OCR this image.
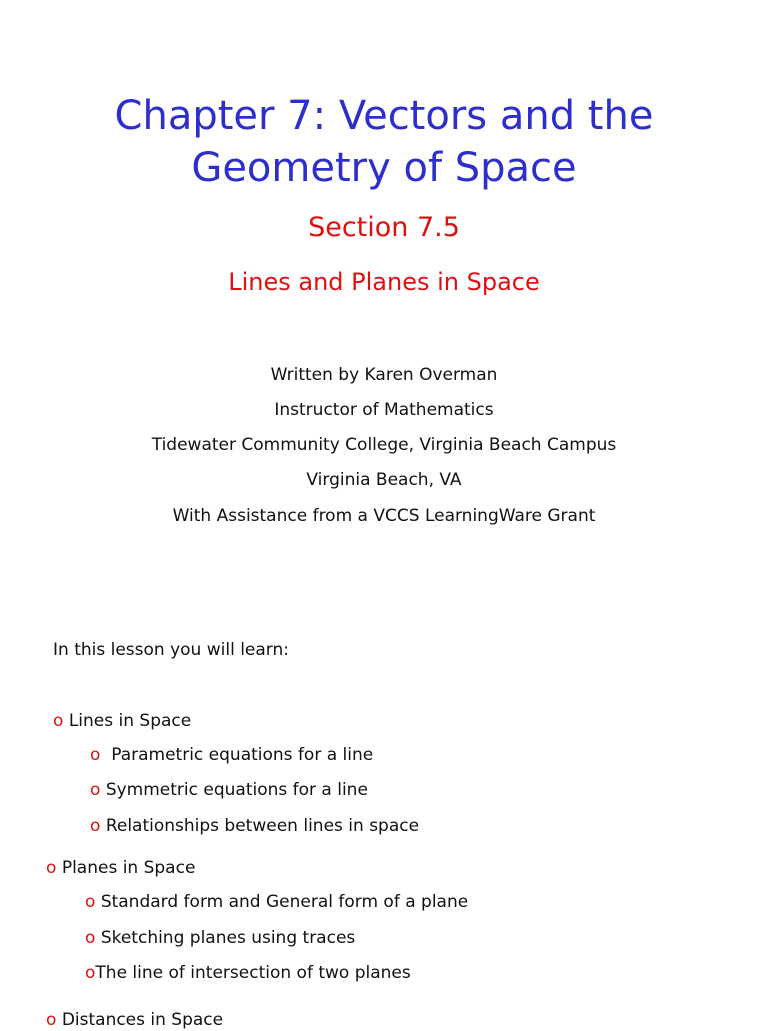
Chapter 7: Vectors and the
Geometry of Space
Section 7.5
Lines and Planes in Space
Written by Karen Overman
Instructor of Mathematics
Tidewater Community College, Virginia Beach Campus
Virginia Beach, VA
With Assistance from a VCCS LearningWare Grant
In this lesson you will learn:
o Lines in Space
o Parametric equations for a line
o Symmetric equations for a line
o Relationships between lines in space
o Planes in Space
o Standard form and General form of a plane
o Sketching planes using traces
oThe line of intersection of two planes
o Distances in Space
